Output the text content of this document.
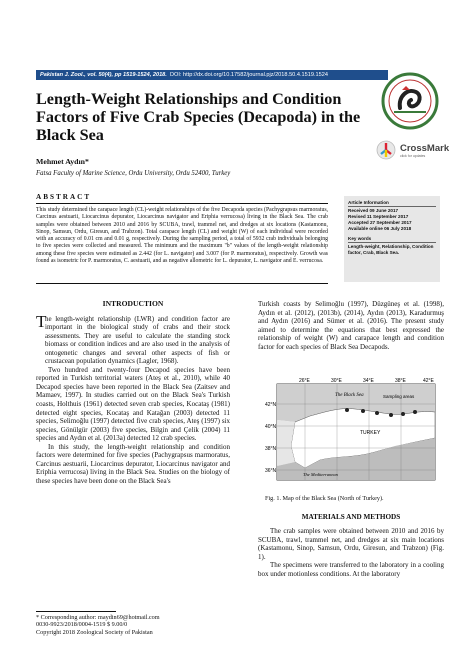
Pakistan J. Zool., vol. 50(4), pp 1519-1524, 2018. DOI: http://dx.doi.org/10.17582/journal.pjz/2018.50.4.1519.1524
CrossMark
click for updates
Length-Weight Relationships and Condition Factors of Five Crab Species (Decapoda) in the Black Sea
Mehmet Aydın*
Fatsa Faculty of Marine Science, Ordu University, Ordu 52400, Turkey
ABSTRACT

This study determined the carapace length (CL)-weight relationships of the five Decapoda species (Pachygrapsus marmoratus, Carcinus aestuarii, Liocarcinus depurator, Liocarcinus navigator and Eriphia verrucosa) living in the Black Sea. The crab samples were obtained between 2010 and 2016 by SCUBA, trawl, trammel net, and dredges at six locations (Kastamonu, Sinop, Samsun, Ordu, Giresun, and Trabzon). Total carapace length (CL) and weight (W) of each individual were recorded with an accuracy of 0.01 cm and 0.01 g, respectively. During the sampling period, a total of 5932 crab individuals belonging to five species were collected and measured. The minimum and the maximum "b" values of the length-weight relationship among these five species were estimated as 2.442 (for L. navigator) and 3.007 (for P. marmoratus), respectively. Growth was found as isometric for P. marmoratus, C. aestuarii, and as negative allometric for L. depurator, L. navigator and E. verrucosa.

Article Information
Received 09 June 2017
Revised 11 September 2017
Accepted 27 September 2017
Available online 06 July 2018
Key words
Length-weight, Relationship, Condition factor, Crab, Black Sea.
INTRODUCTION
T
he length-weight relationship (LWR) and condition factor are important in the biological study of crabs and their stock assessments. They are useful to calculate the standing stock biomass or condition indices and are also used in the analysis of ontogenetic changes and several other aspects of fish or crustacean population dynamics (Lagler, 1968).

Two hundred and twenty-four Decapod species have been reported in Turkish territorial waters (Ateş et al., 2010), while 40 Decapod species have been reported in the Black Sea (Zaitsev and Mamaev, 1997). In studies carried out on the Black Sea's Turkish coasts, Holthuis (1961) detected seven crab species, Kocataş (1981) detected eight species, Kocataş and Katağan (2003) detected 11 species, Selimoğlu (1997) detected five crab species, Ateş (1997) six species, Gönülgür (2003) five species, Bilgin and Çelik (2004) 11 species and Aydın et al. (2013a) detected 12 crab species.

In this study, the length-weight relationship and condition factors were determined for five species (Pachygrapsus marmoratus, Carcinus aestuarii, Liocarcinus depurator, Liocarcinus navigator and Eriphia verrucosa) living in the Black Sea. Studies on the biology of these species have been done on the Black Sea's

Turkish coasts by Selimoğlu (1997), Düzgüneş et al. (1998), Aydın et al. (2012), (2013b), (2014), Aydın (2013), Karadurmuş and Aydın (2016) and Sümer et al. (2016). The present study aimed to determine the equations that best expressed the relationship of weight (W) and carapace length and condition factor for each species of Black Sea Decapods.

26°E	30°E	34°E	38°E	42°E
42°N
40°N
38°N
36°N
The Black Sea	Sampling areas
TURKEY
The Mediterranean
Fig. 1. Map of the Black Sea (North of Turkey).
MATERIALS AND METHODS

The crab samples were obtained between 2010 and 2016 by SCUBA, trawl, trammel net, and dredges at six main locations (Kastamonu, Sinop, Samsun, Ordu, Giresun, and Trabzon) (Fig. 1).

The specimens were transferred to the laboratory in a cooling box under motionless conditions. At the laboratory

* Corresponding author: maydin69@hotmail.com
0030-9923/2018/0004-1519 $ 9.00/0
Copyright 2018 Zoological Society of Pakistan
